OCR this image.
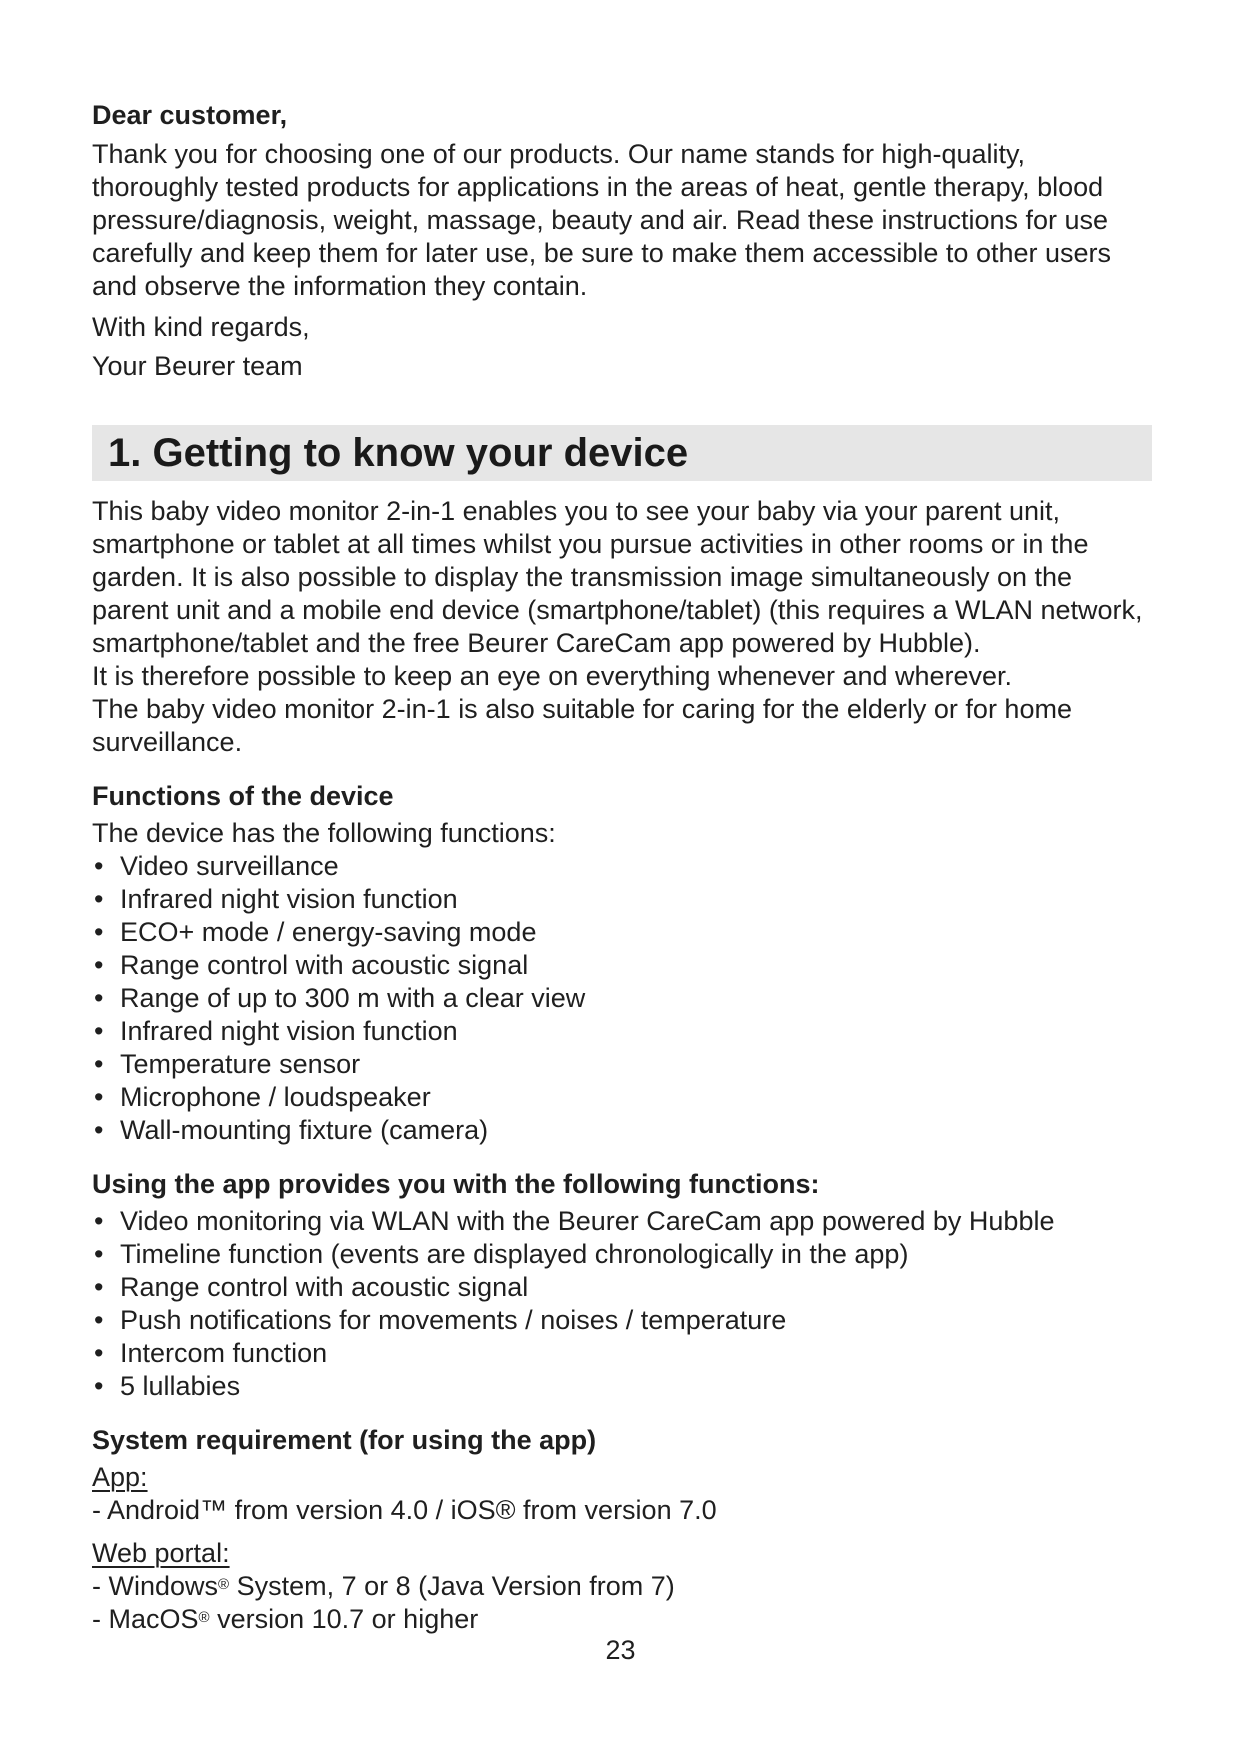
Dear customer,

Thank you for choosing one of our products. Our name stands for high-quality, thoroughly tested products for applications in the areas of heat, gentle therapy, blood pressure/diagnosis, weight, massage, beauty and air. Read these instructions for use carefully and keep them for later use, be sure to make them accessible to other users and observe the information they contain.

With kind regards,

Your Beurer team

1. Getting to know your device

This baby video monitor 2-in-1 enables you to see your baby via your parent unit, smartphone or tablet at all times whilst you pursue activities in other rooms or in the garden. It is also possible to display the transmission image simultaneously on the parent unit and a mobile end device (smartphone/tablet) (this requires a WLAN network, smartphone/tablet and the free Beurer CareCam app powered by Hubble).

It is therefore possible to keep an eye on everything whenever and wherever.

The baby video monitor 2-in-1 is also suitable for caring for the elderly or for home surveillance.

Functions of the device

The device has the following functions:

• Video surveillance
• Infrared night vision function
• ECO+ mode / energy-saving mode
• Range control with acoustic signal
• Range of up to 300 m with a clear view
• Infrared night vision function
• Temperature sensor
• Microphone / loudspeaker
• Wall-mounting fixture (camera)
Using the app provides you with the following functions:
• Video monitoring via WLAN with the Beurer CareCam app powered by Hubble
• Timeline function (events are displayed chronologically in the app)
• Range control with acoustic signal
• Push notifications for movements / noises / temperature
• Intercom function
• 5 lullabies
System requirement (for using the app)

App:

- Android™ from version 4.0 / iOS® from version 7.0

Web portal:

- Windows® System, 7 or 8 (Java Version from 7)

- MacOS® version 10.7 or higher

23
